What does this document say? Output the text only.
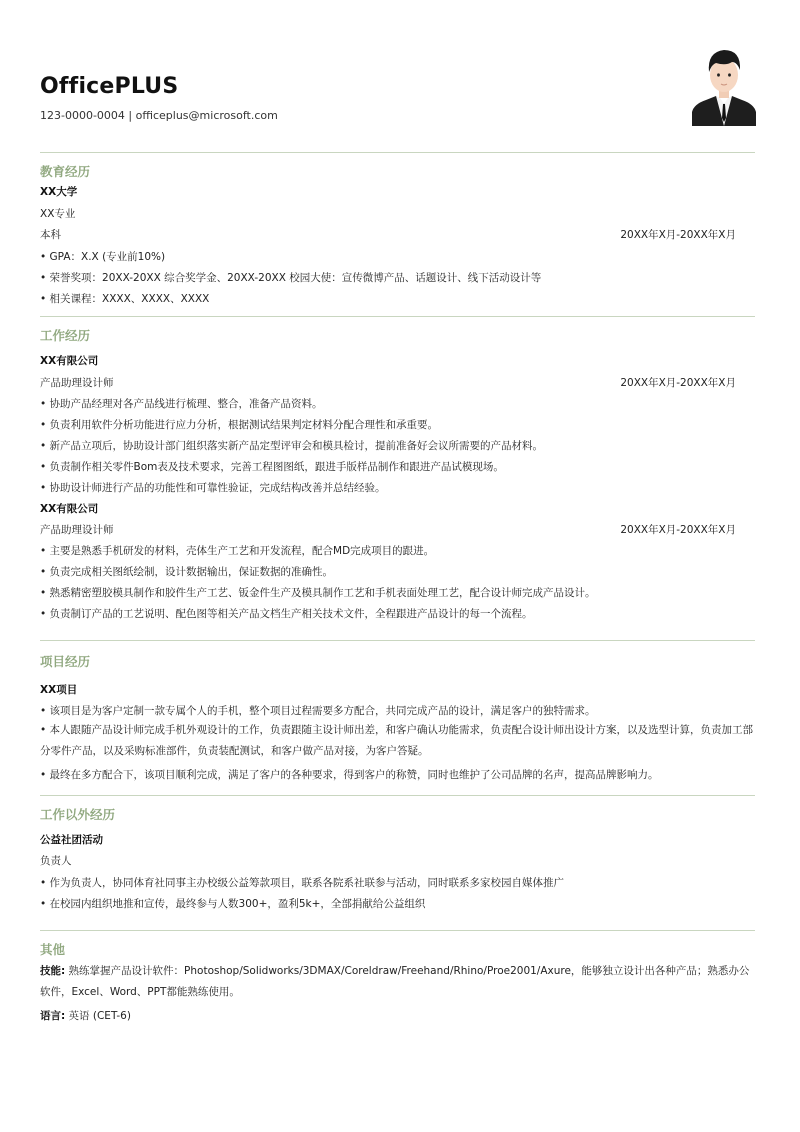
OfficePLUS
123-0000-0004 | officeplus@microsoft.com
教育经历
XX大学
XX专业
本科	20XX年X月-20XX年X月
• GPA：X.X (专业前10%)
• 荣誉奖项：20XX-20XX 综合奖学金、20XX-20XX 校园大使：宣传微博产品、话题设计、线下活动设计等
• 相关课程：XXXX、XXXX、XXXX
工作经历
XX有限公司
产品助理设计师	20XX年X月-20XX年X月
• 协助产品经理对各产品线进行梳理、整合，准备产品资料。
• 负责利用软件分析功能进行应力分析，根据测试结果判定材料分配合理性和承重要。
• 新产品立项后，协助设计部门组织落实新产品定型评审会和模具检讨，提前准备好会议所需要的产品材料。
• 负责制作相关零件Bom表及技术要求，完善工程图图纸，跟进手版样品制作和跟进产品试模现场。
• 协助设计师进行产品的功能性和可靠性验证，完成结构改善并总结经验。
XX有限公司
产品助理设计师	20XX年X月-20XX年X月
• 主要是熟悉手机研发的材料，壳体生产工艺和开发流程，配合MD完成项目的跟进。
• 负责完成相关图纸绘制，设计数据输出，保证数据的准确性。
• 熟悉精密塑胶模具制作和胶件生产工艺、钣金件生产及模具制作工艺和手机表面处理工艺，配合设计师完成产品设计。
• 负责制订产品的工艺说明、配色图等相关产品文档生产相关技术文件，全程跟进产品设计的每一个流程。
项目经历
XX项目
• 该项目是为客户定制一款专属个人的手机，整个项目过程需要多方配合，共同完成产品的设计，满足客户的独特需求。
• 本人跟随产品设计师完成手机外观设计的工作，负责跟随主设计师出差，和客户确认功能需求，负责配合设计师出设计方案，以及选型计算，负责加工部分零件产品，以及采购标准部件，负责装配测试，和客户做产品对接，为客户答疑。
• 最终在多方配合下，该项目顺利完成，满足了客户的各种要求，得到客户的称赞，同时也维护了公司品牌的名声，提高品牌影响力。
工作以外经历
公益社团活动
负责人
• 作为负责人，协同体育社同事主办校级公益筹款项目，联系各院系社联参与活动，同时联系多家校园自媒体推广
• 在校园内组织地推和宣传，最终参与人数300+，盈利5k+，全部捐献给公益组织
其他
技能: 熟练掌握产品设计软件：Photoshop/Solidworks/3DMAX/Coreldraw/Freehand/Rhino/Proe2001/Axure，能够独立设计出各种产品；熟悉办公软件，Excel、Word、PPT都能熟练使用。
语言: 英语 (CET-6)
